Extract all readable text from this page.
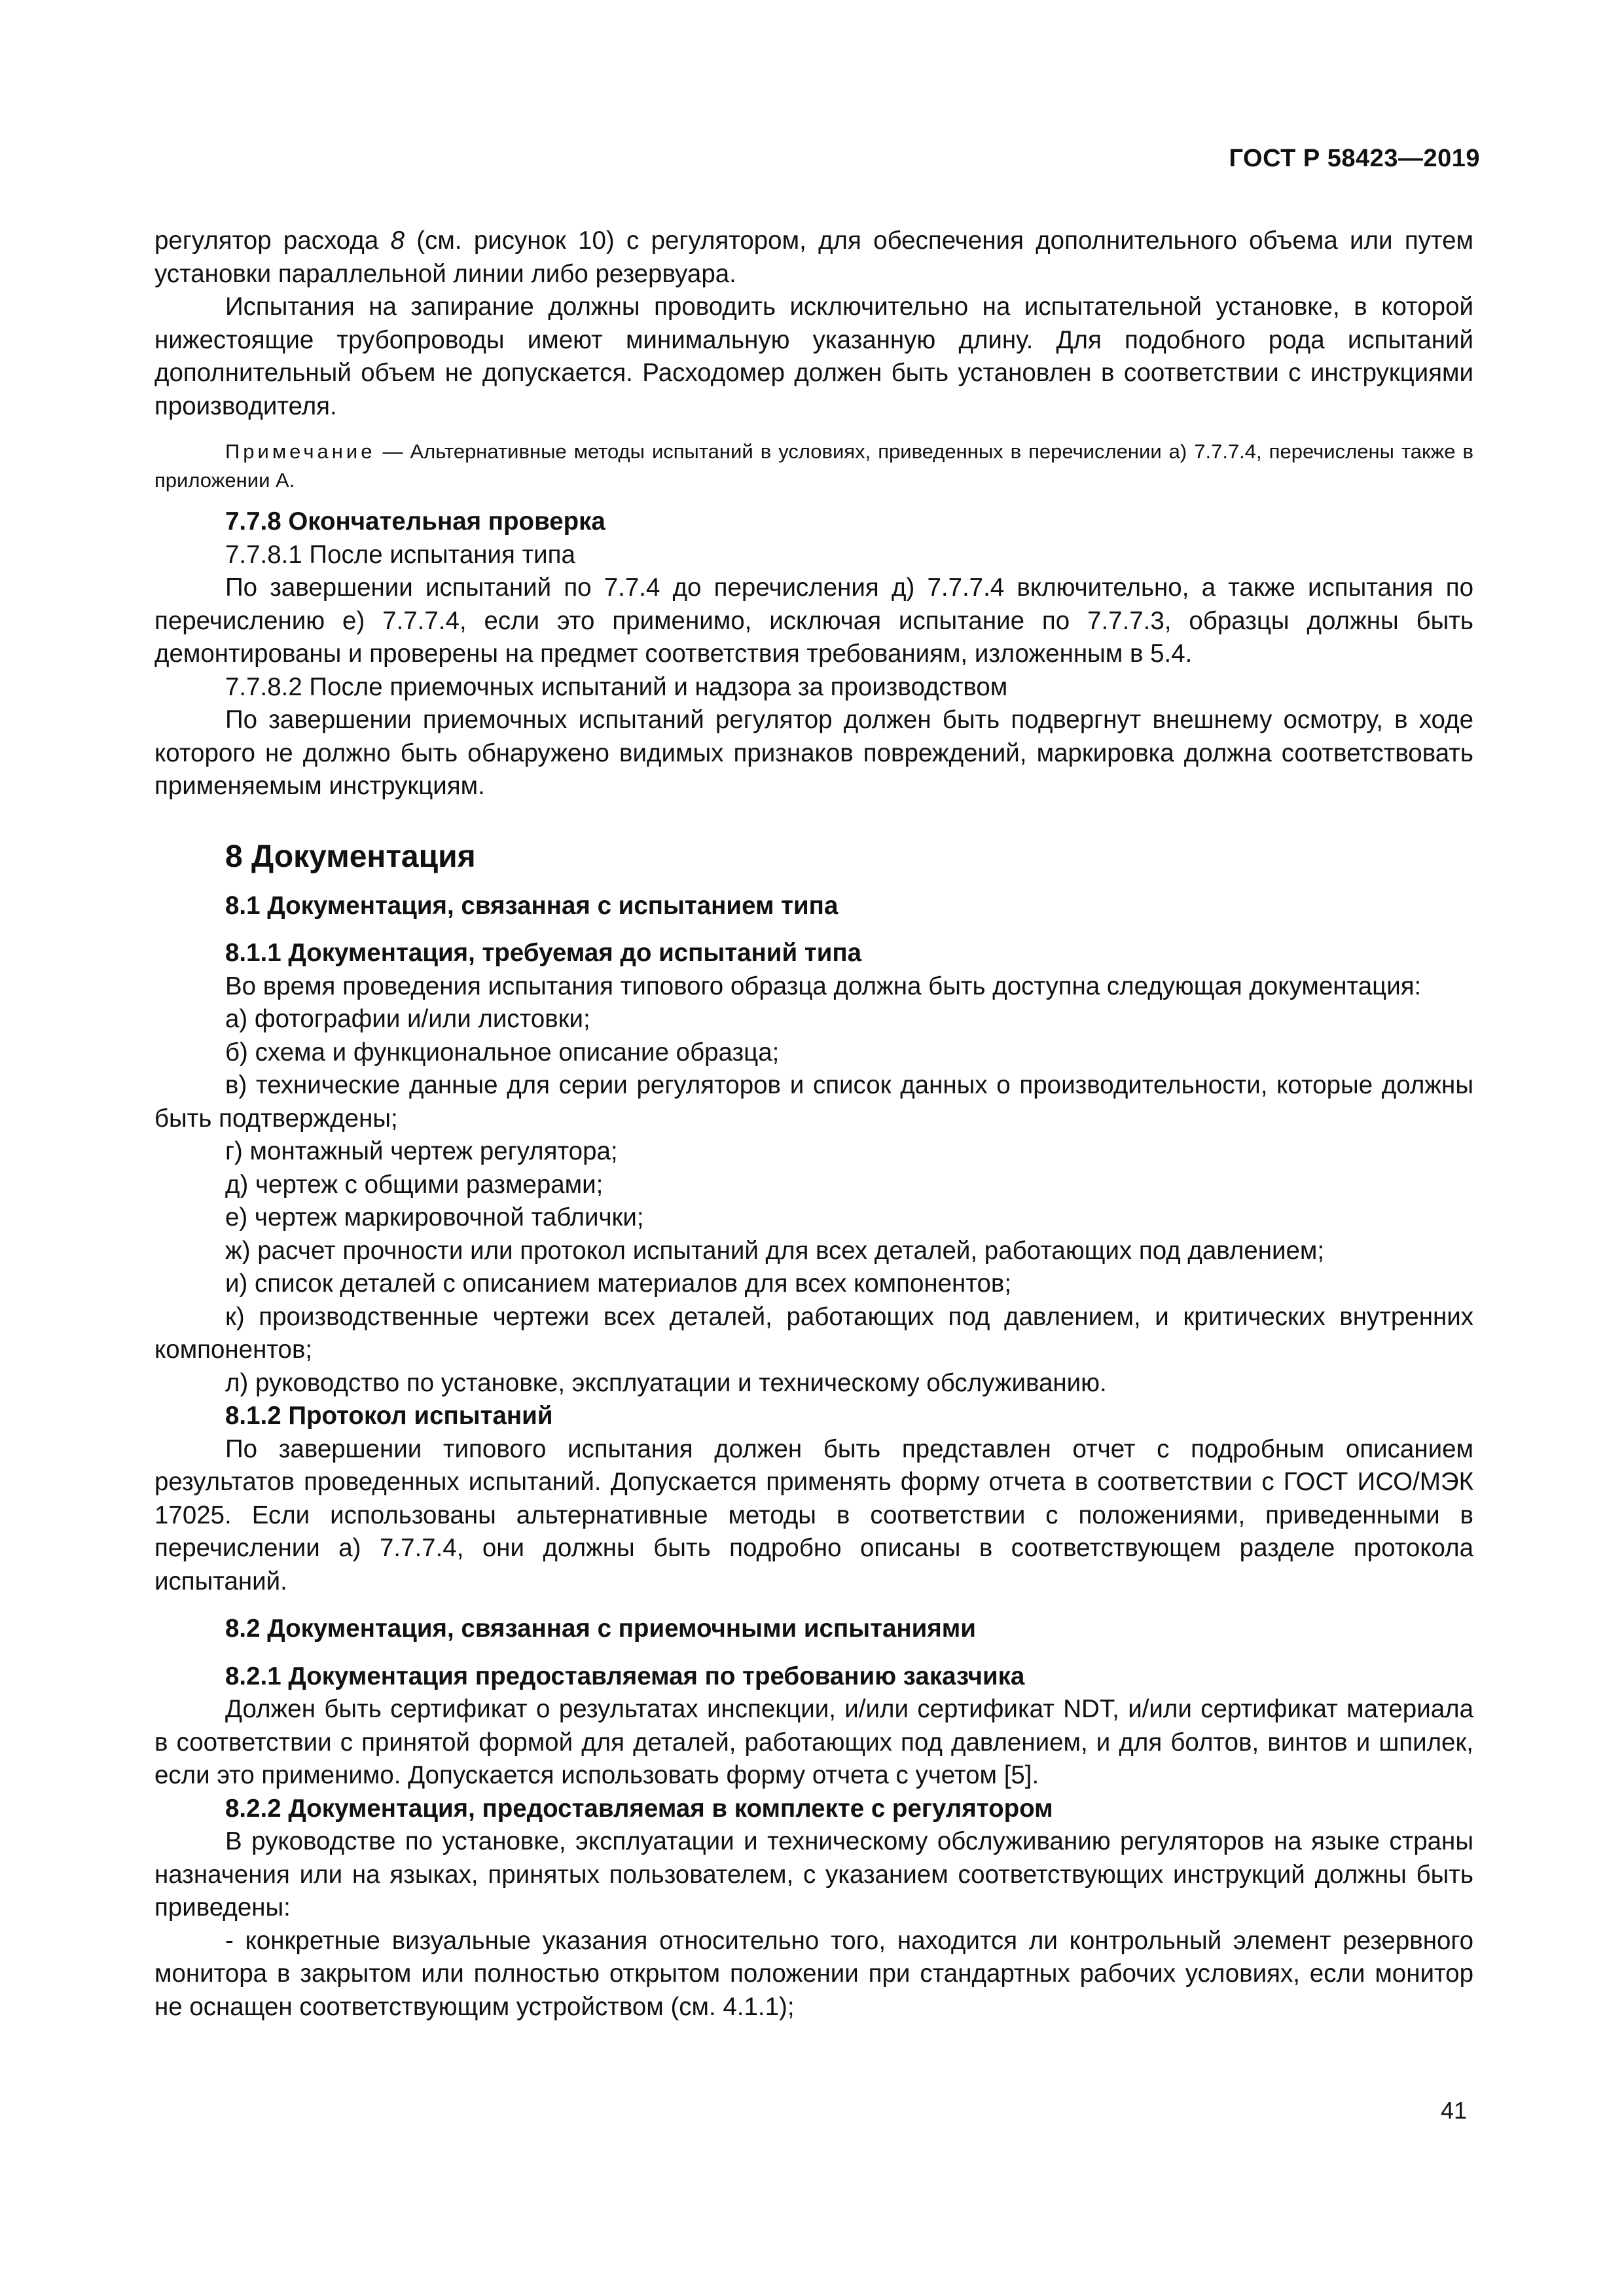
ГОСТ Р 58423—2019

регулятор расхода 8 (см. рисунок 10) с регулятором, для обеспечения дополнительного объема или путем установки параллельной линии либо резервуара.

Испытания на запирание должны проводить исключительно на испытательной установке, в которой нижестоящие трубопроводы имеют минимальную указанную длину. Для подобного рода испытаний дополнительный объем не допускается. Расходомер должен быть установлен в соответствии с инструкциями производителя.

Примечание — Альтернативные методы испытаний в условиях, приведенных в перечислении а) 7.7.7.4, перечислены также в приложении А.

7.7.8 Окончательная проверка

7.7.8.1 После испытания типа

По завершении испытаний по 7.7.4 до перечисления д) 7.7.7.4 включительно, а также испытания по перечислению е) 7.7.7.4, если это применимо, исключая испытание по 7.7.7.3, образцы должны быть демонтированы и проверены на предмет соответствия требованиям, изложенным в 5.4.

7.7.8.2 После приемочных испытаний и надзора за производством

По завершении приемочных испытаний регулятор должен быть подвергнут внешнему осмотру, в ходе которого не должно быть обнаружено видимых признаков повреждений, маркировка должна соответствовать применяемым инструкциям.

8 Документация

8.1 Документация, связанная с испытанием типа

8.1.1 Документация, требуемая до испытаний типа

Во время проведения испытания типового образца должна быть доступна следующая документация:

а) фотографии и/или листовки;

б) схема и функциональное описание образца;

в) технические данные для серии регуляторов и список данных о производительности, которые должны быть подтверждены;

г) монтажный чертеж регулятора;

д) чертеж с общими размерами;

е) чертеж маркировочной таблички;

ж) расчет прочности или протокол испытаний для всех деталей, работающих под давлением;

и) список деталей с описанием материалов для всех компонентов;

к) производственные чертежи всех деталей, работающих под давлением, и критических внутренних компонентов;

л) руководство по установке, эксплуатации и техническому обслуживанию.

8.1.2 Протокол испытаний

По завершении типового испытания должен быть представлен отчет с подробным описанием результатов проведенных испытаний. Допускается применять форму отчета в соответствии с ГОСТ ИСО/МЭК 17025. Если использованы альтернативные методы в соответствии с положениями, приведенными в перечислении а) 7.7.7.4, они должны быть подробно описаны в соответствующем разделе протокола испытаний.

8.2 Документация, связанная с приемочными испытаниями

8.2.1 Документация предоставляемая по требованию заказчика

Должен быть сертификат о результатах инспекции, и/или сертификат NDT, и/или сертификат материала в соответствии с принятой формой для деталей, работающих под давлением, и для болтов, винтов и шпилек, если это применимо. Допускается использовать форму отчета с учетом [5].

8.2.2 Документация, предоставляемая в комплекте с регулятором

В руководстве по установке, эксплуатации и техническому обслуживанию регуляторов на языке страны назначения или на языках, принятых пользователем, с указанием соответствующих инструкций должны быть приведены:

- конкретные визуальные указания относительно того, находится ли контрольный элемент резервного монитора в закрытом или полностью открытом положении при стандартных рабочих условиях, если монитор не оснащен соответствующим устройством (см. 4.1.1);

41
